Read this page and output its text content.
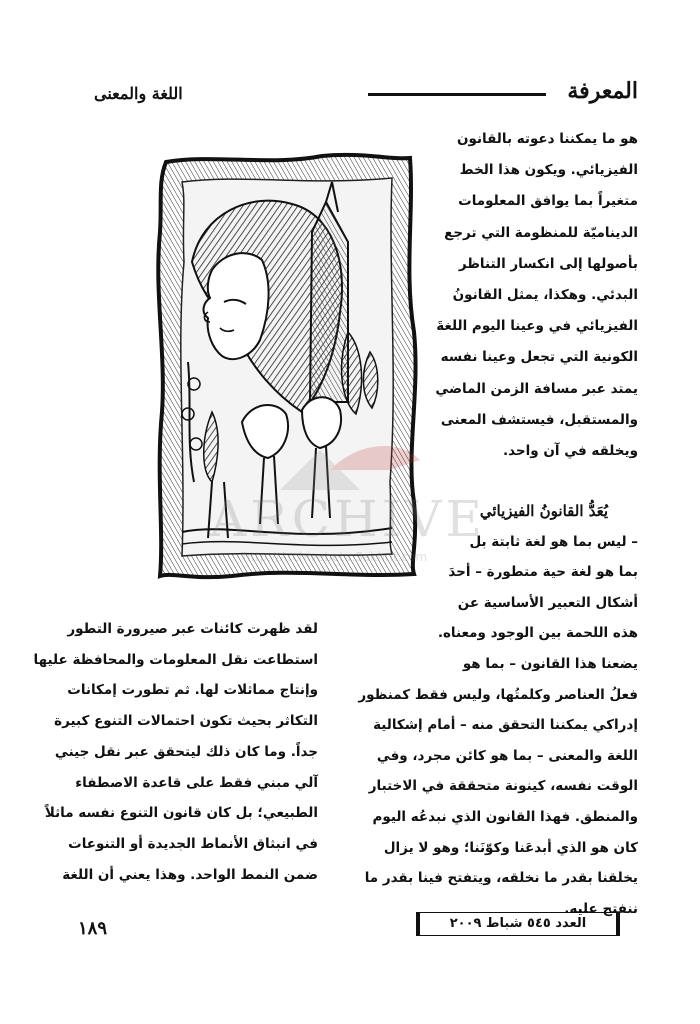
المعرفة
اللغة والمعنى

هو ما يمكننا دعوته بالقانون

الفيزيائي. ويكون هذا الخط

متغيراً بما يوافق المعلومات

الديناميّة للمنظومة التي ترجع

بأصولها إلى انكسار التناظر

البدئي. وهكذا، يمثل القانونُ

الفيزيائي في وعينا اليوم اللغةَ

الكونية التي تجعل وعينا نفسه

يمتد عبر مسافة الزمن الماضي

والمستقبل، فيستشف المعنى

ويخلقه في آن واحد.

يُعَدُّ القانونُ الفيزيائي

– ليس بما هو لغة ثابتة بل

بما هو لغة حية متطورة – أحدَ

أشكال التعبير الأساسية عن

هذه اللحمة بين الوجود ومعناه.

يضعنا هذا القانون – بما هو

فعلُ العناصر وكلمتُها، وليس فقط كمنظور

إدراكي يمكننا التحقق منه – أمام إشكالية

اللغة والمعنى – بما هو كائن مجرد، وفي

الوقت نفسه، كينونة متحققة في الاختبار

والمنطق. فهذا القانون الذي نبدعُه اليوم

كان هو الذي أبدعَنا وكوّنَنا؛ وهو لا يزال

يخلقنا بقدر ما نخلقه، ويتفتح فينا بقدر ما

ننفتح عليه.

لقد ظهرت كائنات عبر صيرورة التطور

استطاعت نقل المعلومات والمحافظة عليها

وإنتاج مماثلات لها. ثم تطورت إمكانات

التكاثر بحيث تكون احتمالات التنوع كبيرة

جداً. وما كان ذلك ليتحقق عبر نقل جيني

آلي مبني فقط على قاعدة الاصطفاء

الطبيعي؛ بل كان قانون التنوع نفسه ماثلاً

في انبثاق الأنماط الجديدة أو التنوعات

ضمن النمط الواحد. وهذا يعني أن اللغة

ARCHIVE
http://Archivebeta.Sakhrit.com
١٨٩	العدد ٥٤٥ شباط ٢٠٠٩
